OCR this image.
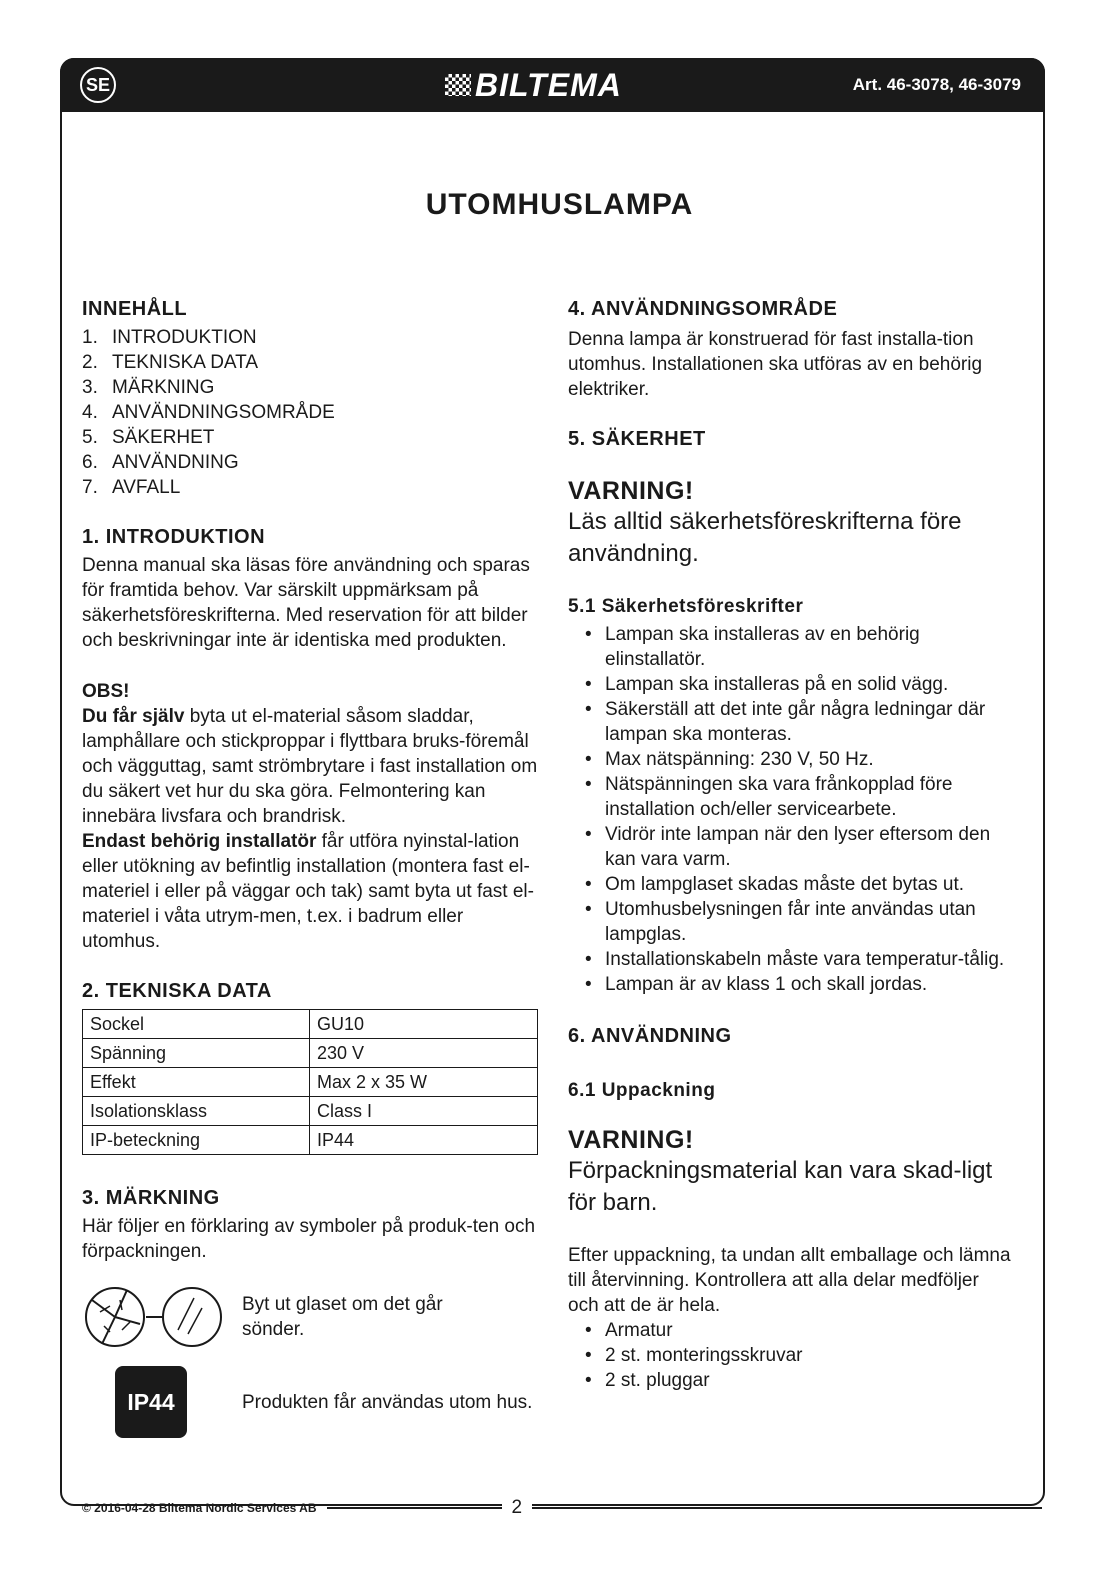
SE	BILTEMA	Art. 46-3078, 46-3079
UTOMHUSLAMPA
INNEHÅLL
1. INTRODUKTION
2. TEKNISKA DATA
3. MÄRKNING
4. ANVÄNDNINGSOMRÅDE
5. SÄKERHET
6. ANVÄNDNING
7. AVFALL
1. INTRODUKTION

Denna manual ska läsas före användning och sparas för framtida behov. Var särskilt uppmärksam på säkerhetsföreskrifterna. Med reservation för att bilder och beskrivningar inte är identiska med produkten.

OBS!

Du får själv byta ut el-material såsom sladdar, lamphållare och stickproppar i flyttbara bruks-föremål och vägguttag, samt strömbrytare i fast installation om du säkert vet hur du ska göra. Felmontering kan innebära livsfara och brandrisk.

Endast behörig installatör får utföra nyinstal-lation eller utökning av befintlig installation (montera fast el-materiel i eller på väggar och tak) samt byta ut fast el-materiel i våta utrym-men, t.ex. i badrum eller utomhus.

2. TEKNISKA DATA
Sockel	GU10
Spänning	230 V
Effekt	Max 2 x 35 W
Isolationsklass	Class I
IP-beteckning	IP44
3. MÄRKNING

Här följer en förklaring av symboler på produk-ten och förpackningen.

Byt ut glaset om det går sönder.
IP44	Produkten får användas utom hus.
4. ANVÄNDNINGSOMRÅDE

Denna lampa är konstruerad för fast installa-tion utomhus. Installationen ska utföras av en behörig elektriker.

5. SÄKERHET

VARNING!

Läs alltid säkerhetsföreskrifterna före användning.

5.1 Säkerhetsföreskrifter
• Lampan ska installeras av en behörig elinstallatör.
• Lampan ska installeras på en solid vägg.
• Säkerställ att det inte går några ledningar där lampan ska monteras.
• Max nätspänning: 230 V, 50 Hz.
• Nätspänningen ska vara frånkopplad före installation och/eller servicearbete.
• Vidrör inte lampan när den lyser eftersom den kan vara varm.
• Om lampglaset skadas måste det bytas ut.
• Utomhusbelysningen får inte användas utan lampglas.
• Installationskabeln måste vara temperatur-tålig.
• Lampan är av klass 1 och skall jordas.
6. ANVÄNDNING
6.1 Uppackning

VARNING!

Förpackningsmaterial kan vara skad-ligt för barn.

Efter uppackning, ta undan allt emballage och lämna till återvinning. Kontrollera att alla delar medföljer och att de är hela.

• Armatur
• 2 st. monteringsskruvar
• 2 st. pluggar
© 2016-04-28 Biltema Nordic Services AB	2
